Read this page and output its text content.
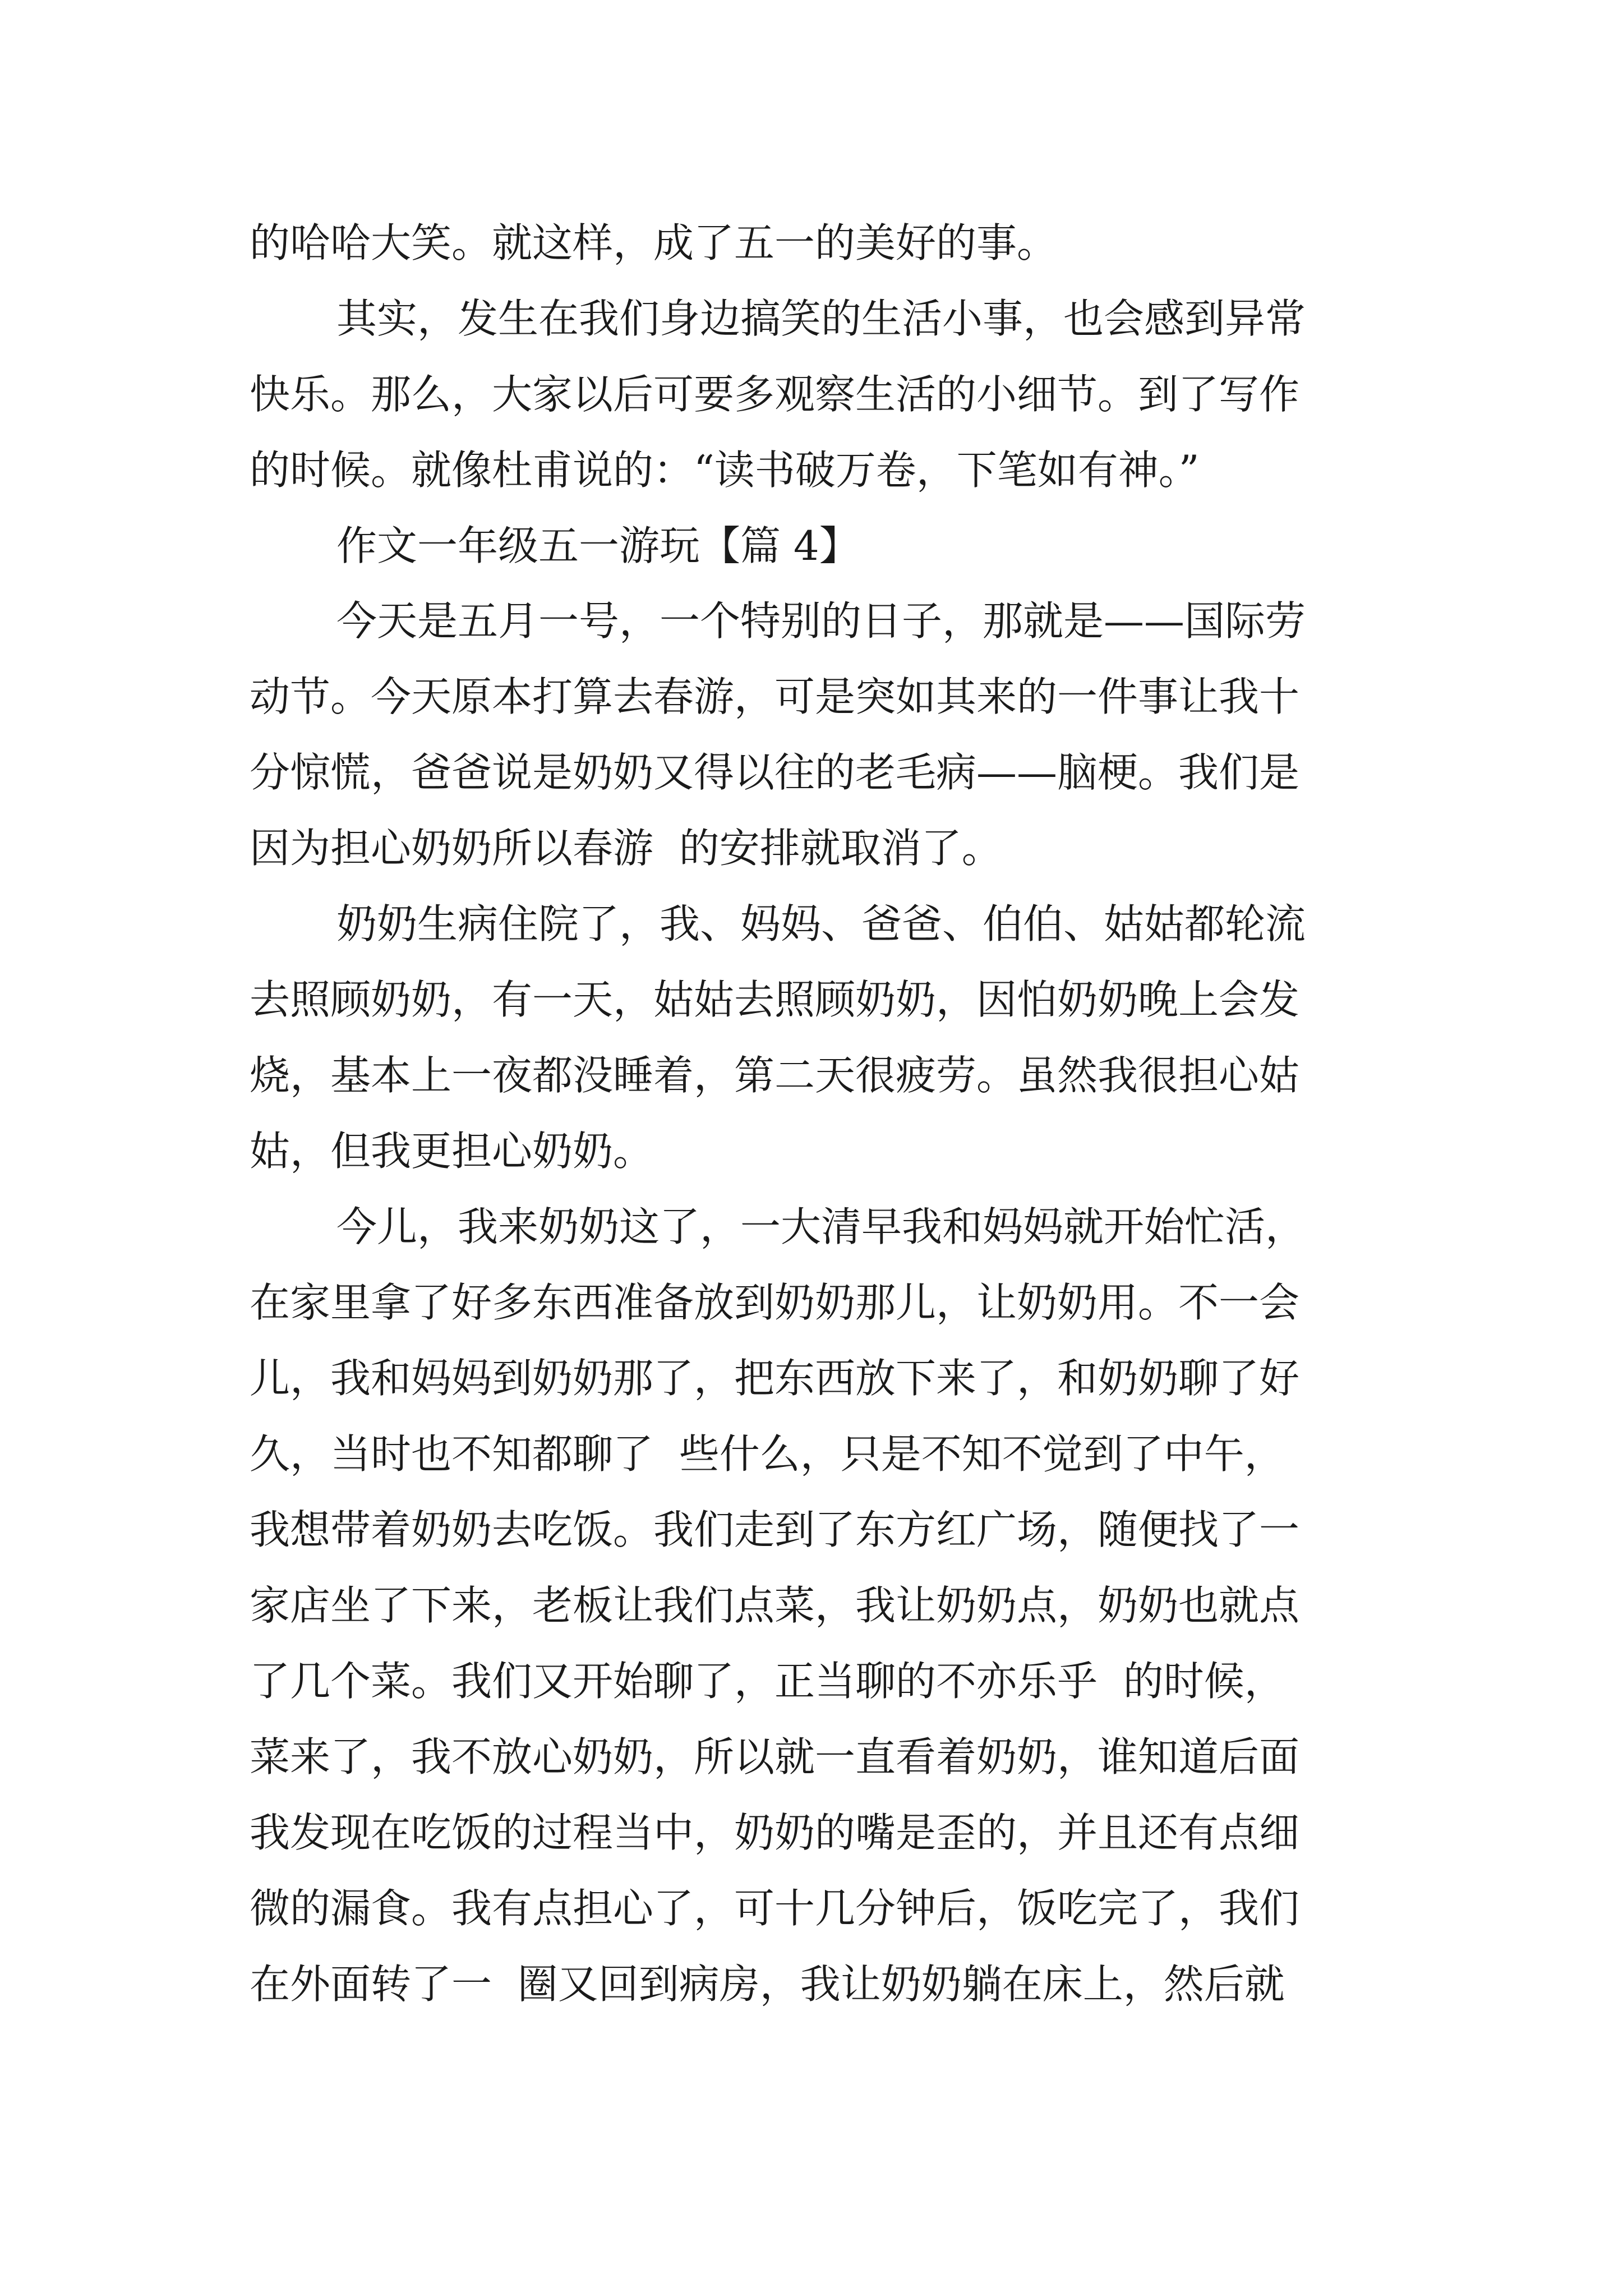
的哈哈大笑。就这样，成了五一的美好的事。
其实，发生在我们身边搞笑的生活小事，也会感到异常
快乐。那么，大家以后可要多观察生活的小细节。到了写作
的时候。就像杜甫说的：“读书破万卷，下笔如有神。”
作文一年级五一游玩【篇 4】
今天是五月一号，一个特别的日子，那就是——国际劳
动节。今天原本打算去春游，可是突如其来的一件事让我十
分惊慌，爸爸说是奶奶又得以往的老毛病——脑梗。我们是
因为担心奶奶所以春游  的安排就取消了。
奶奶生病住院了，我、妈妈、爸爸、伯伯、姑姑都轮流
去照顾奶奶，有一天，姑姑去照顾奶奶，因怕奶奶晚上会发
烧，基本上一夜都没睡着，第二天很疲劳。虽然我很担心姑
姑，但我更担心奶奶。
今儿，我来奶奶这了，一大清早我和妈妈就开始忙活，
在家里拿了好多东西准备放到奶奶那儿，让奶奶用。不一会
儿，我和妈妈到奶奶那了，把东西放下来了，和奶奶聊了好
久，当时也不知都聊了  些什么，只是不知不觉到了中午，
我想带着奶奶去吃饭。我们走到了东方红广场，随便找了一
家店坐了下来，老板让我们点菜，我让奶奶点，奶奶也就点
了几个菜。我们又开始聊了，正当聊的不亦乐乎  的时候，
菜来了，我不放心奶奶，所以就一直看着奶奶，谁知道后面
我发现在吃饭的过程当中，奶奶的嘴是歪的，并且还有点细
微的漏食。我有点担心了，可十几分钟后，饭吃完了，我们
在外面转了一  圈又回到病房，我让奶奶躺在床上，然后就
